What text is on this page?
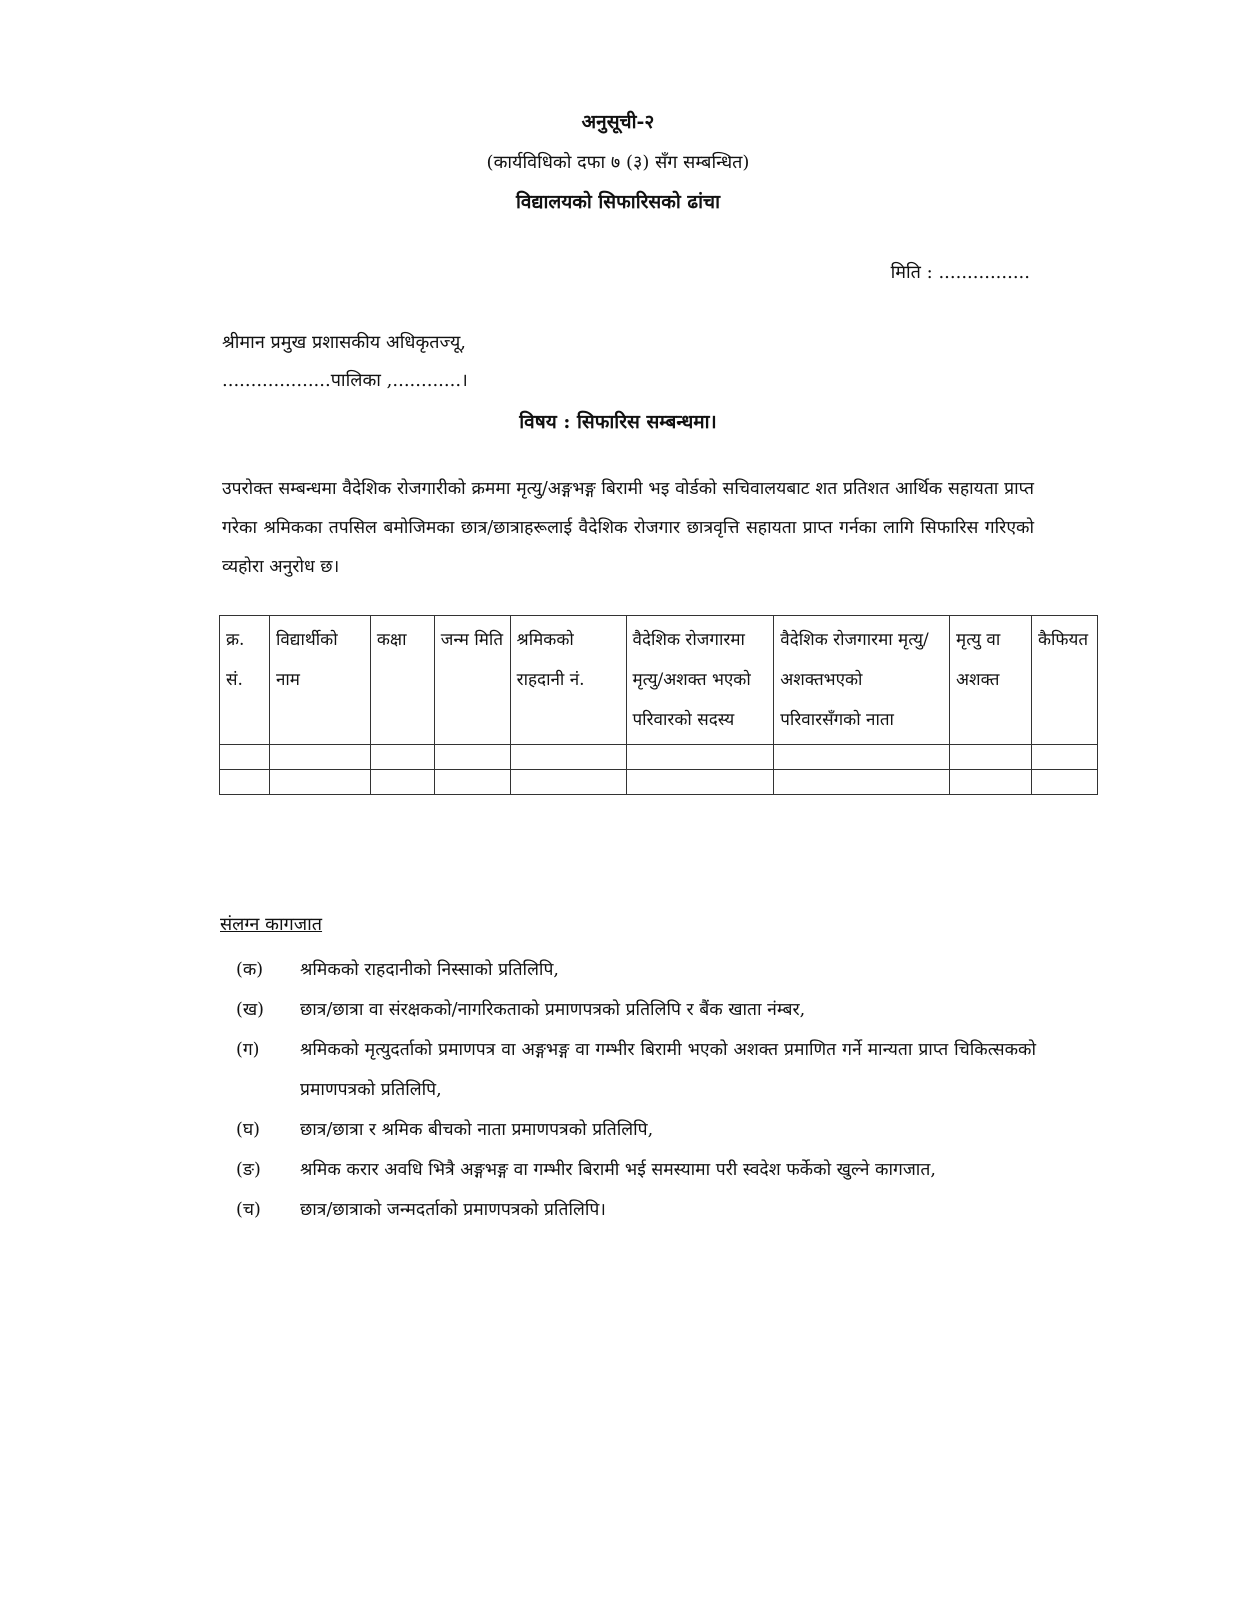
अनुसूची-२
(कार्यविधिको दफा ७ (३) सँग सम्बन्धित)
विद्यालयको सिफारिसको ढांचा
मिति : ................
श्रीमान प्रमुख प्रशासकीय अधिकृतज्यू,
...................पालिका ,............।
विषय : सिफारिस सम्बन्धमा।
उपरोक्त सम्बन्धमा वैदेशिक रोजगारीको क्रममा मृत्यु/अङ्गभङ्ग बिरामी भइ वोर्डको सचिवालयबाट शत प्रतिशत आर्थिक सहायता प्राप्त गरेका श्रमिकका तपसिल बमोजिमका छात्र/छात्राहरूलाई वैदेशिक रोजगार छात्रवृत्ति सहायता प्राप्त गर्नका लागि सिफारिस गरिएको व्यहोरा अनुरोध छ।
क्र. सं.	विद्यार्थीको नाम	कक्षा	जन्म मिति	श्रमिकको राहदानी नं.	वैदेशिक रोजगारमा मृत्यु/अशक्त भएको परिवारको सदस्य	वैदेशिक रोजगारमा मृत्यु/अशक्तभएको परिवारसँगको नाता	मृत्यु वा अशक्त	कैफियत

संलग्न कागजात
(क)	श्रमिकको राहदानीको निस्साको प्रतिलिपि,
(ख)	छात्र/छात्रा वा संरक्षकको/नागरिकताको प्रमाणपत्रको प्रतिलिपि र बैंक खाता नंम्बर,
(ग)	श्रमिकको मृत्युदर्ताको प्रमाणपत्र वा अङ्गभङ्ग वा गम्भीर बिरामी भएको अशक्त प्रमाणित गर्ने मान्यता प्राप्त चिकित्सकको प्रमाणपत्रको प्रतिलिपि,
(घ)	छात्र/छात्रा र श्रमिक बीचको नाता प्रमाणपत्रको प्रतिलिपि,
(ङ)	श्रमिक करार अवधि भित्रै अङ्गभङ्ग वा गम्भीर बिरामी भई समस्यामा परी स्वदेश फर्केको खुल्ने कागजात,
(च)	छात्र/छात्राको जन्मदर्ताको प्रमाणपत्रको प्रतिलिपि।
